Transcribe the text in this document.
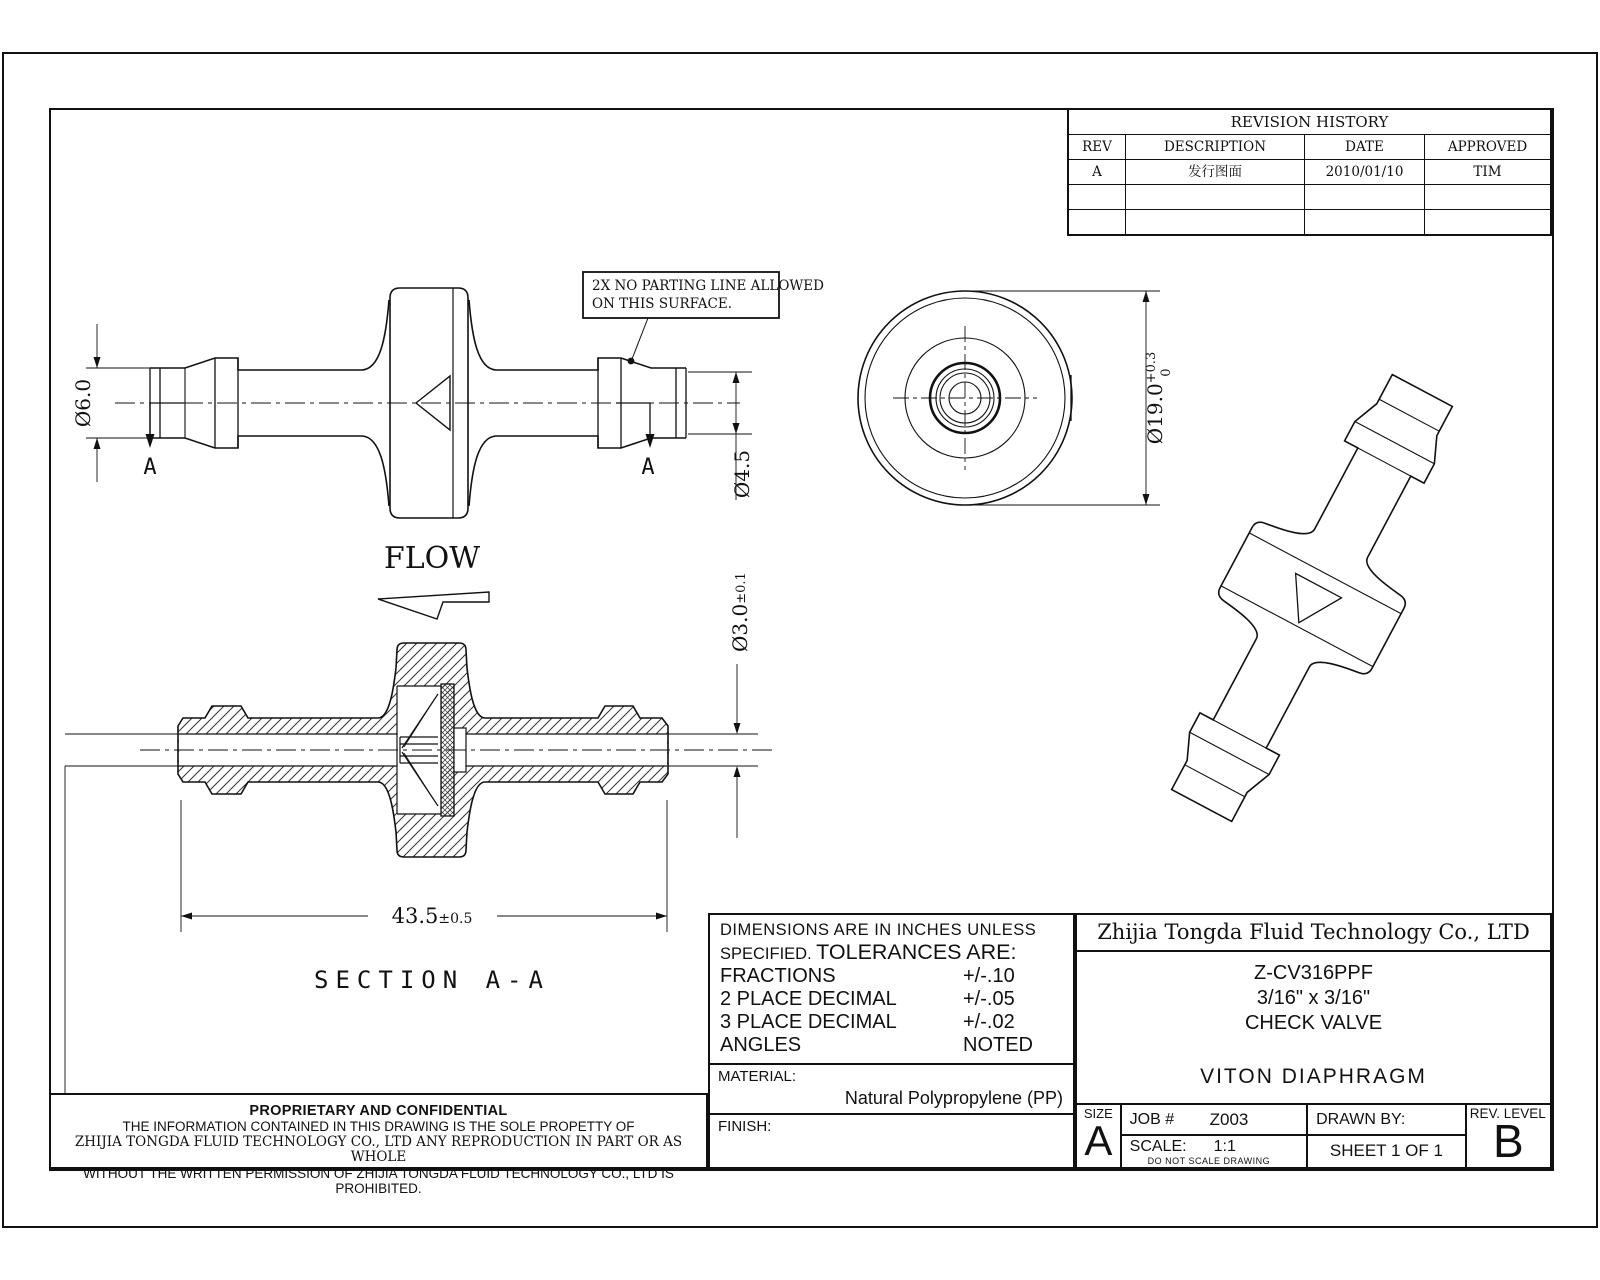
Ø6.0
Ø4.5
A	A
2X NO PARTING LINE ALLOWED
ON THIS SURFACE.
$Ø19.0^{+0.3}0$
FLOW
Ø3.0±0.1
43.5±0.5
SECTION A-A
REVISION HISTORY
REV	DESCRIPTION	DATE	APPROVED
A	发行图面	2010/01/10	TIM
DIMENSIONS ARE IN INCHES UNLESS
SPECIFIED. TOLERANCES ARE:
FRACTIONS	+/-.10
2 PLACE DECIMAL	+/-.05
3 PLACE DECIMAL	+/-.02
ANGLES	NOTED
MATERIAL:
Natural Polypropylene (PP)
FINISH:
Zhijia Tongda Fluid Technology Co., LTD
Z-CV316PPF
3/16" x 3/16"
CHECK VALVE
VITON DIAPHRAGM
SIZE
A	JOB # Z003
SCALE: 1:1
DO NOT SCALE DRAWING
DRAWN BY:
SHEET 1 OF 1
REV. LEVEL
B
PROPRIETARY AND CONFIDENTIAL
THE INFORMATION CONTAINED IN THIS DRAWING IS THE SOLE PROPETTY OF
ZHIJIA TONGDA FLUID TECHNOLOGY CO., LTD ANY REPRODUCTION IN PART OR AS WHOLE
WITHOUT THE WRITTEN PERMISSION OF ZHIJIA TONGDA FLUID TECHNOLOGY CO., LTD IS PROHIBITED.
